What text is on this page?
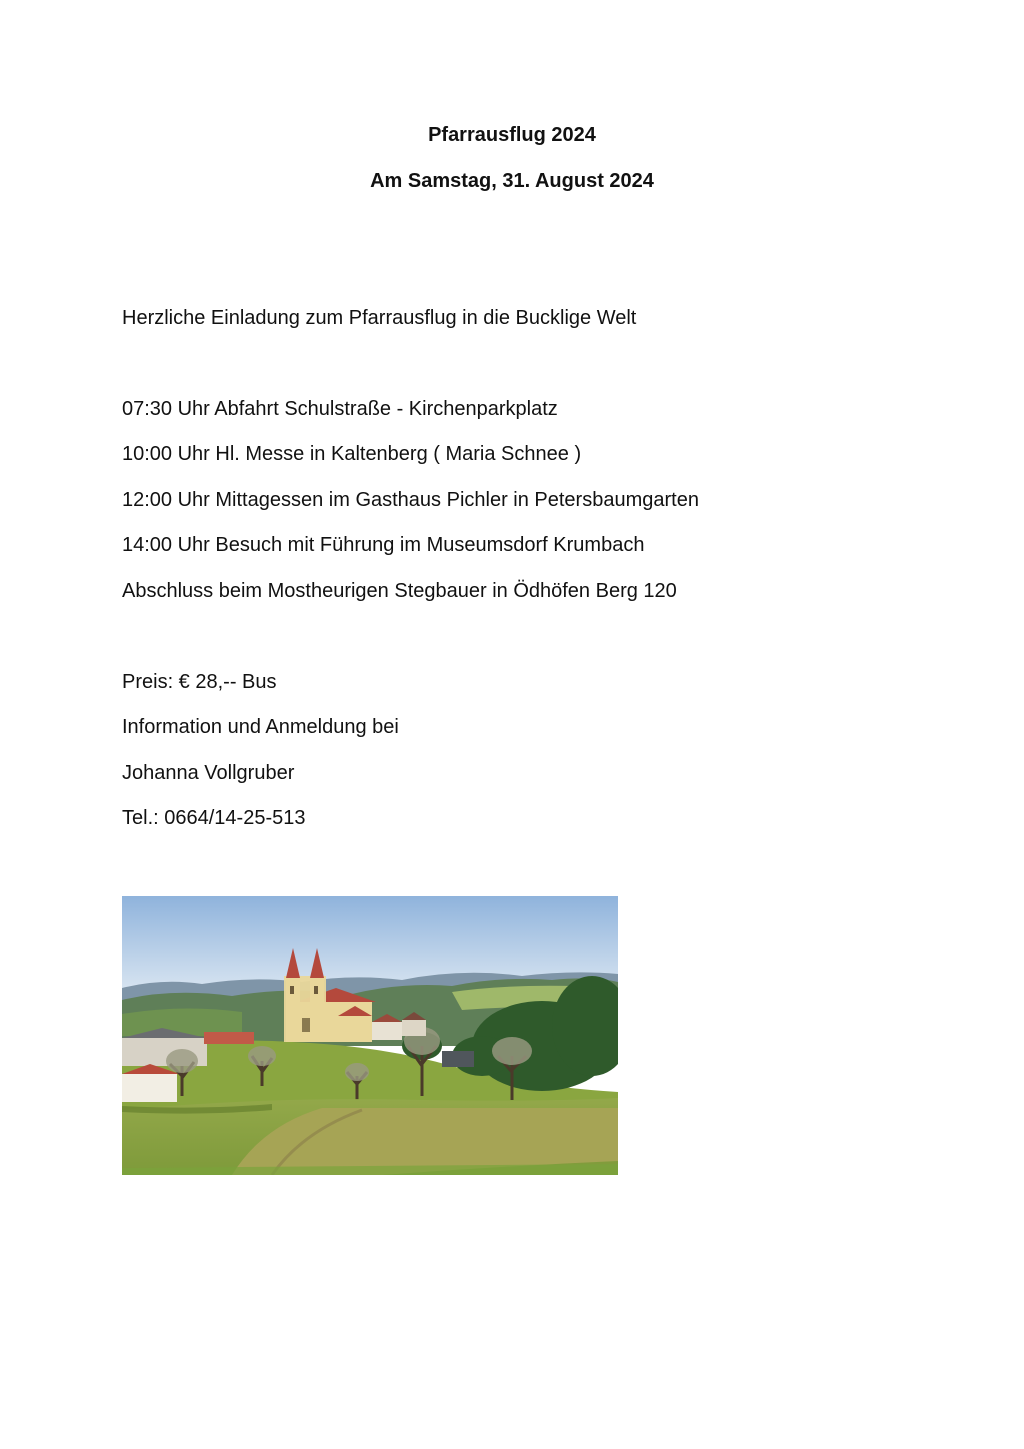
Pfarrausflug 2024

Am Samstag, 31. August 2024

Herzliche Einladung zum Pfarrausflug in die Bucklige Welt

07:30 Uhr Abfahrt Schulstraße - Kirchenparkplatz

10:00 Uhr Hl. Messe in Kaltenberg ( Maria Schnee )

12:00 Uhr Mittagessen im Gasthaus Pichler in Petersbaumgarten

14:00 Uhr Besuch mit Führung im Museumsdorf Krumbach

Abschluss beim Mostheurigen Stegbauer in Ödhöfen Berg 120

Preis: € 28,-- Bus

Information und Anmeldung bei

Johanna Vollgruber

Tel.: 0664/14-25-513
